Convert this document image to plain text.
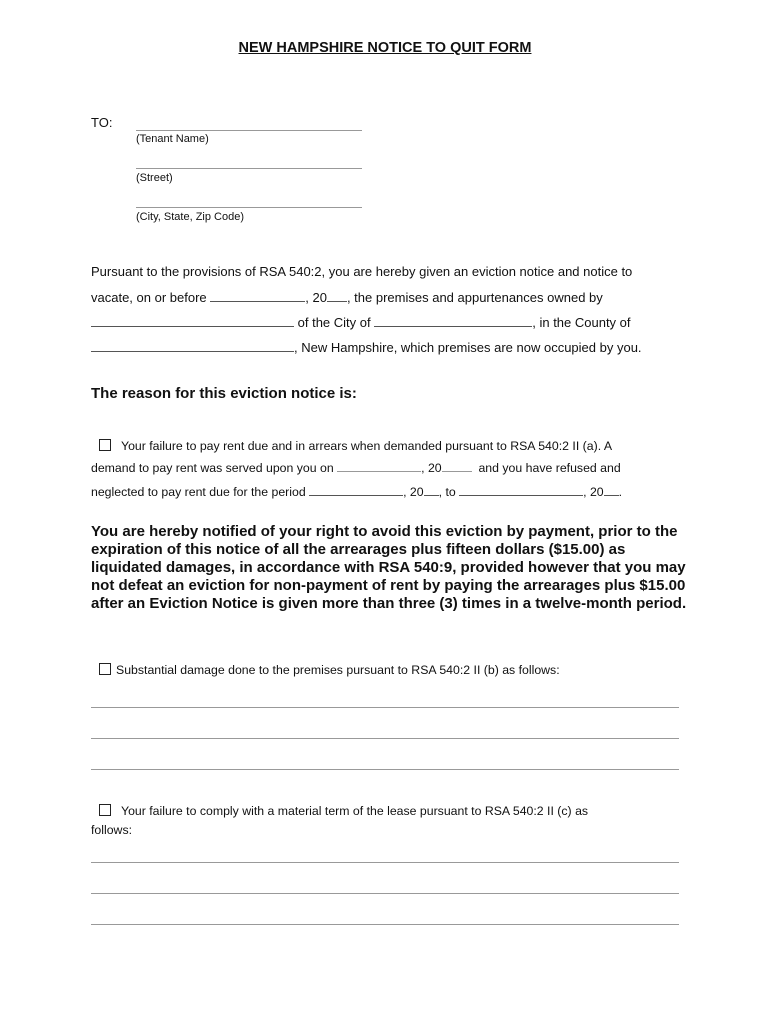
NEW HAMPSHIRE NOTICE TO QUIT FORM
TO:
(Tenant Name)
(Street)
(City, State, Zip Code)
Pursuant to the provisions of RSA 540:2, you are hereby given an eviction notice and notice to
vacate, on or before	, 20 , the premises and appurtenances owned by
of the City of	, in the County of
, New Hampshire, which premises are now occupied by you.
The reason for this eviction notice is:
Your failure to pay rent due and in arrears when demanded pursuant to RSA 540:2 II (a). A
demand to pay rent was served upon you on	, 20	and you have refused and
neglected to pay rent due for the period	, 20 , to	, 20 .
You are hereby notified of your right to avoid this eviction by payment, prior to the expiration of this notice of all the arrearages plus fifteen dollars ($15.00) as liquidated damages, in accordance with RSA 540:9, provided however that you may not defeat an eviction for non-payment of rent by paying the arrearages plus $15.00 after an Eviction Notice is given more than three (3) times in a twelve-month period.
Substantial damage done to the premises pursuant to RSA 540:2 II (b) as follows:
Your failure to comply with a material term of the lease pursuant to RSA 540:2 II (c) as
follows:
